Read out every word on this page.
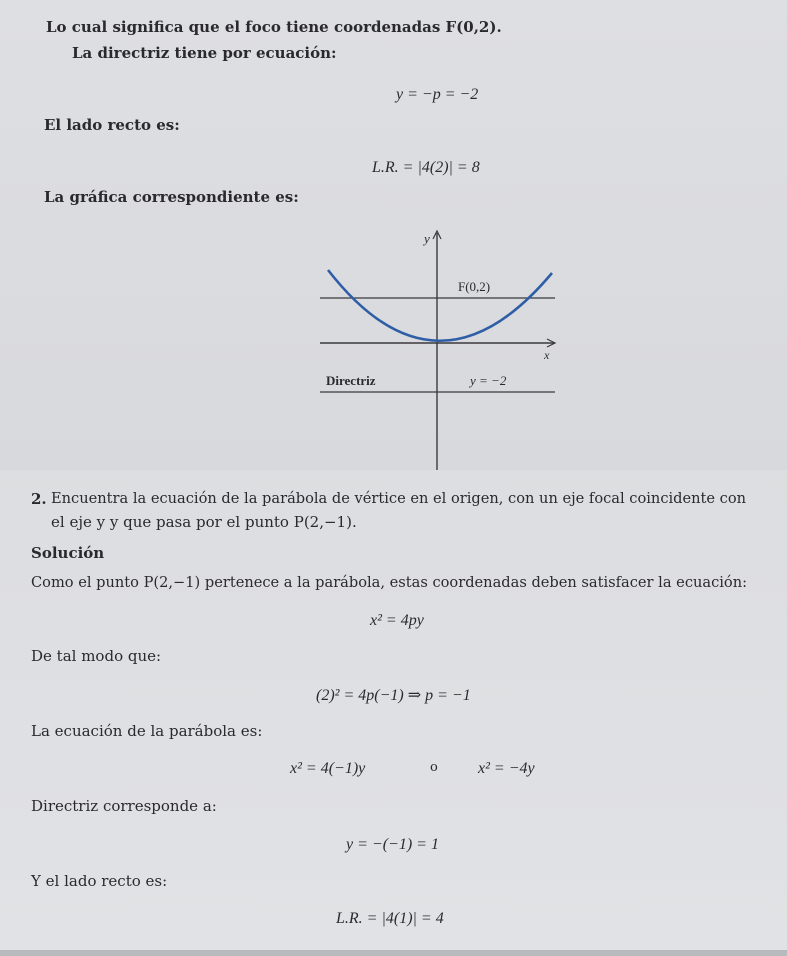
Lo cual significa que el foco tiene coordenadas F(0,2).
La directriz tiene por ecuación:
y = −p = −2
El lado recto es:
L.R. = |4(2)| = 8
La gráfica correspondiente es:
y
x
F(0,2)
Directriz	y = −2
2. Encuentra la ecuación de la parábola de vértice en el origen, con un eje focal coincidente con
el eje y y que pasa por el punto P(2,−1).
Solución
Como el punto P(2,−1) pertenece a la parábola, estas coordenadas deben satisfacer la ecuación:
x² = 4py
De tal modo que:
(2)² = 4p(−1) ⇒ p = −1
La ecuación de la parábola es:
x² = 4(−1)y	o	x² = −4y
Directriz corresponde a:
y = −(−1) = 1
Y el lado recto es:
L.R. = |4(1)| = 4
